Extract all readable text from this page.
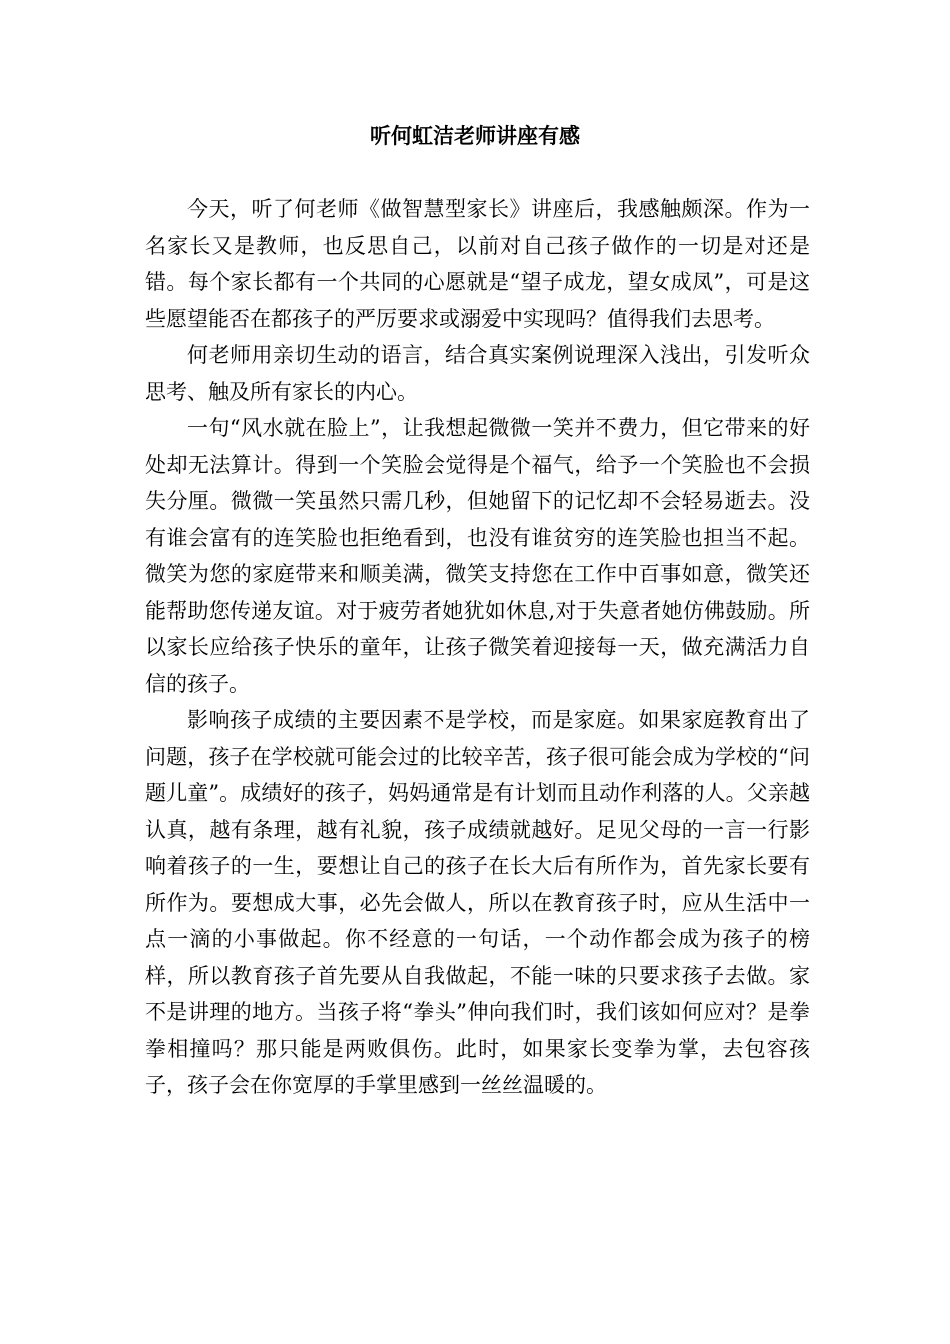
听何虹洁老师讲座有感

今天，听了何老师《做智慧型家长》讲座后，我感触颇深。作为一名家长又是教师，也反思自己，以前对自己孩子做作的一切是对还是错。每个家长都有一个共同的心愿就是“望子成龙，望女成凤”，可是这些愿望能否在都孩子的严厉要求或溺爱中实现吗？值得我们去思考。

何老师用亲切生动的语言，结合真实案例说理深入浅出，引发听众思考、触及所有家长的内心。

一句“风水就在脸上”，让我想起微微一笑并不费力，但它带来的好处却无法算计。得到一个笑脸会觉得是个福气，给予一个笑脸也不会损失分厘。微微一笑虽然只需几秒，但她留下的记忆却不会轻易逝去。没有谁会富有的连笑脸也拒绝看到，也没有谁贫穷的连笑脸也担当不起。微笑为您的家庭带来和顺美满，微笑支持您在工作中百事如意，微笑还能帮助您传递友谊。对于疲劳者她犹如休息,对于失意者她仿佛鼓励。所以家长应给孩子快乐的童年，让孩子微笑着迎接每一天，做充满活力自信的孩子。

影响孩子成绩的主要因素不是学校，而是家庭。如果家庭教育出了问题，孩子在学校就可能会过的比较辛苦，孩子很可能会成为学校的“问题儿童”。成绩好的孩子，妈妈通常是有计划而且动作利落的人。父亲越认真，越有条理，越有礼貌，孩子成绩就越好。足见父母的一言一行影响着孩子的一生，要想让自己的孩子在长大后有所作为，首先家长要有所作为。要想成大事，必先会做人，所以在教育孩子时，应从生活中一点一滴的小事做起。你不经意的一句话，一个动作都会成为孩子的榜样，所以教育孩子首先要从自我做起，不能一味的只要求孩子去做。家不是讲理的地方。当孩子将“拳头”伸向我们时，我们该如何应对？是拳拳相撞吗？那只能是两败俱伤。此时，如果家长变拳为掌，去包容孩子，孩子会在你宽厚的手掌里感到一丝丝温暖的。
